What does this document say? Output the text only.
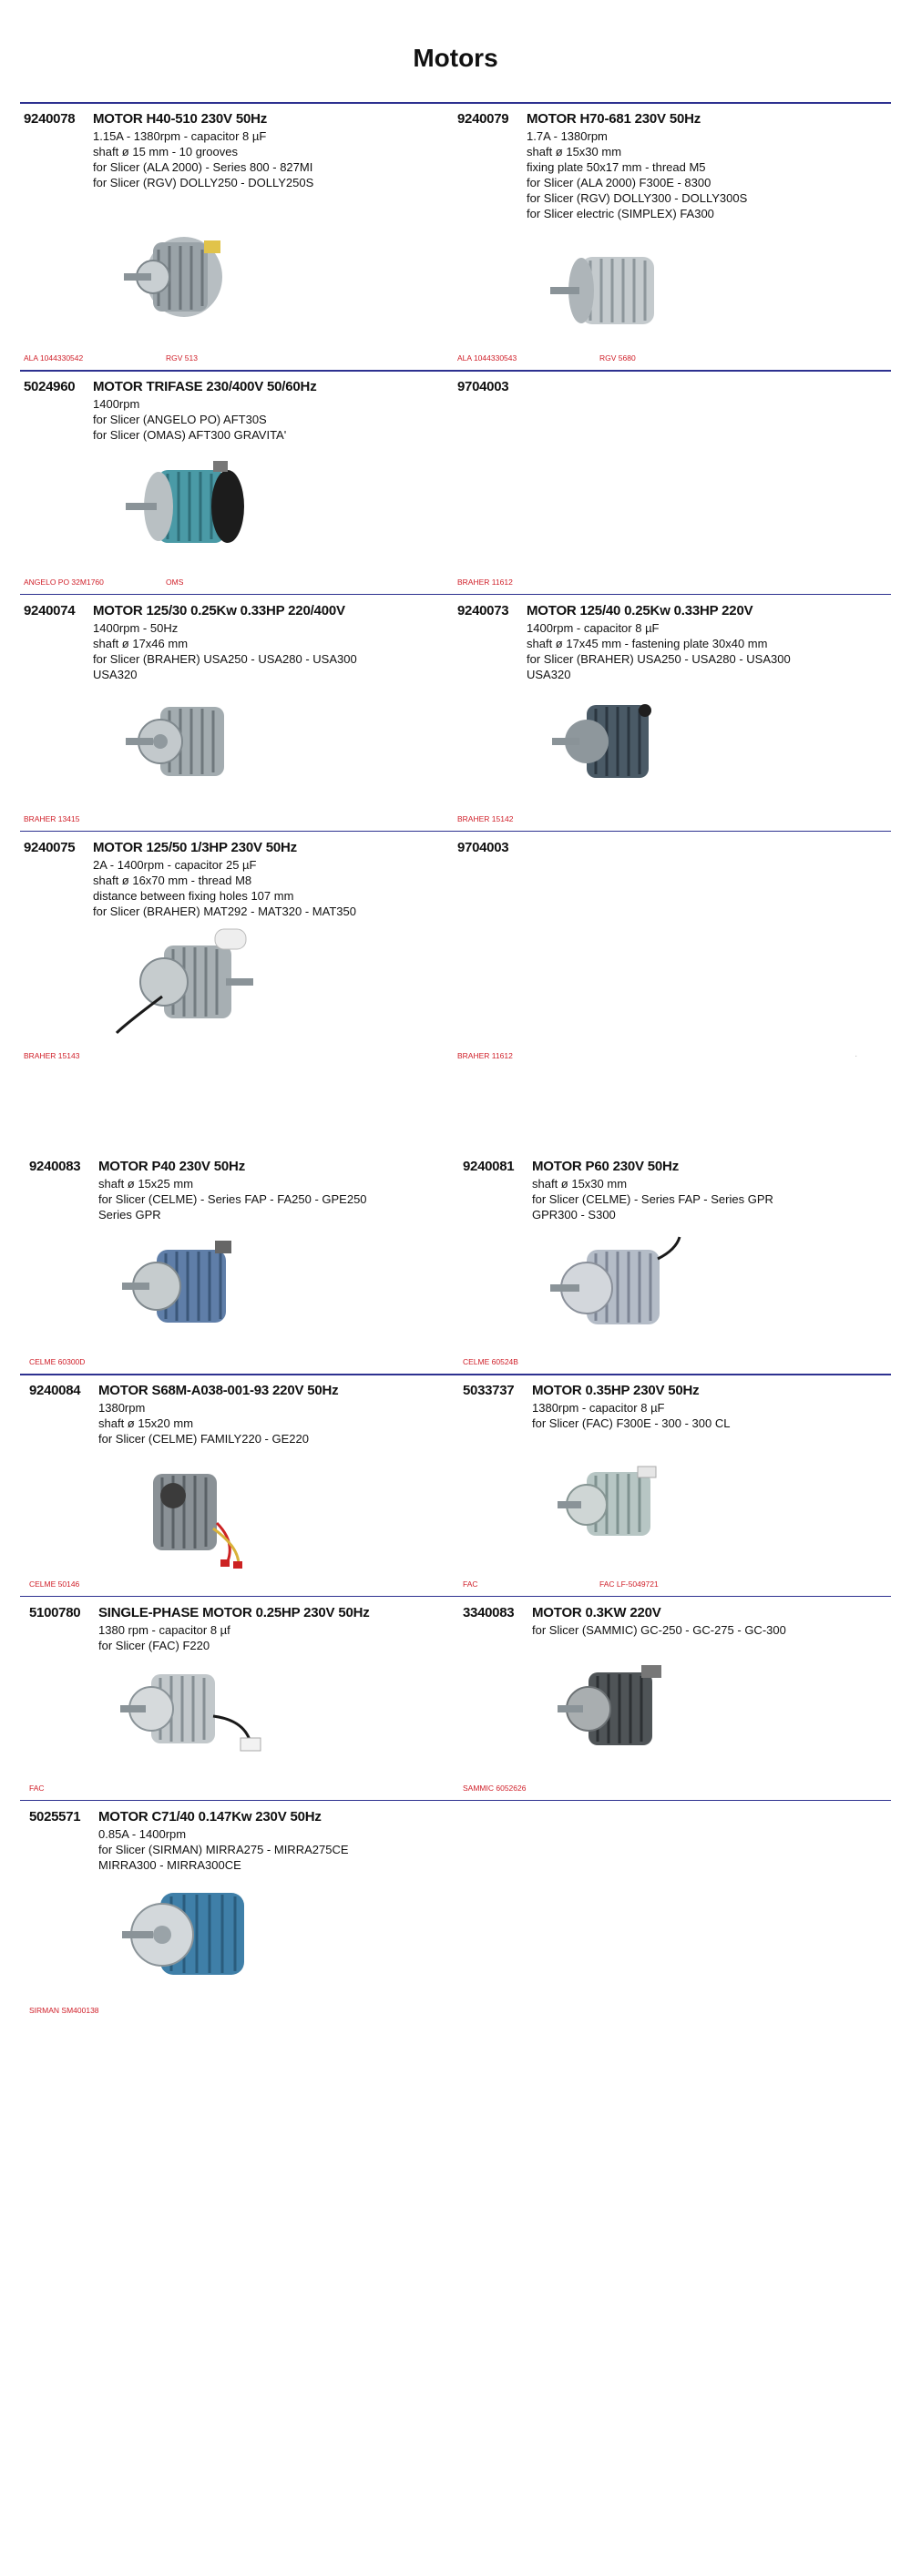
Motors
9240078 MOTOR H40-510 230V 50Hz
1.15A - 1380rpm - capacitor 8 µF
shaft ø 15 mm - 10 grooves
for Slicer (ALA 2000) - Series 800 - 827MI
for Slicer (RGV) DOLLY250 - DOLLY250S
ALA 1044330542	RGV 513
9240079 MOTOR H70-681 230V 50Hz
1.7A - 1380rpm
shaft ø 15x30 mm
fixing plate 50x17 mm - thread M5
for Slicer (ALA 2000) F300E - 8300
for Slicer (RGV) DOLLY300 - DOLLY300S
for Slicer electric (SIMPLEX) FA300
ALA 1044330543	RGV 5680
5024960 MOTOR TRIFASE 230/400V 50/60Hz
1400rpm
for Slicer (ANGELO PO) AFT30S
for Slicer (OMAS) AFT300 GRAVITA'
ANGELO PO 32M1760	OMS
9704003
BRAHER 11612
9240074 MOTOR 125/30 0.25Kw 0.33HP 220/400V
1400rpm - 50Hz
shaft ø 17x46 mm
for Slicer (BRAHER) USA250 - USA280 - USA300
USA320
BRAHER 13415
9240073 MOTOR 125/40 0.25Kw 0.33HP 220V
1400rpm - capacitor 8 µF
shaft ø 17x45 mm - fastening plate 30x40 mm
for Slicer (BRAHER) USA250 - USA280 - USA300
USA320
BRAHER 15142
9240075 MOTOR 125/50 1/3HP 230V 50Hz
2A - 1400rpm - capacitor 25 µF
shaft ø 16x70 mm - thread M8
distance between fixing holes 107 mm
for Slicer (BRAHER) MAT292 - MAT320 - MAT350
BRAHER 15143
9704003
BRAHER 11612	·
9240083 MOTOR P40 230V 50Hz
shaft ø 15x25 mm
for Slicer (CELME) - Series FAP - FA250 - GPE250
Series GPR
CELME 60300D
9240081 MOTOR P60 230V 50Hz
shaft ø 15x30 mm
for Slicer (CELME) - Series FAP - Series GPR
GPR300 - S300
CELME 60524B
9240084 MOTOR S68M-A038-001-93 220V 50Hz
1380rpm
shaft ø 15x20 mm
for Slicer (CELME) FAMILY220 - GE220
CELME 50146
5033737 MOTOR 0.35HP 230V 50Hz
1380rpm - capacitor 8 µF
for Slicer (FAC) F300E - 300 - 300 CL
FAC	FAC LF-5049721
5100780 SINGLE-PHASE MOTOR 0.25HP 230V 50Hz
1380 rpm - capacitor 8 µf
for Slicer (FAC) F220
FAC
3340083 MOTOR 0.3KW 220V
for Slicer (SAMMIC) GC-250 - GC-275 - GC-300
SAMMIC 6052626
5025571 MOTOR C71/40 0.147Kw 230V 50Hz
0.85A - 1400rpm
for Slicer (SIRMAN) MIRRA275 - MIRRA275CE
MIRRA300 - MIRRA300CE
SIRMAN SM400138
